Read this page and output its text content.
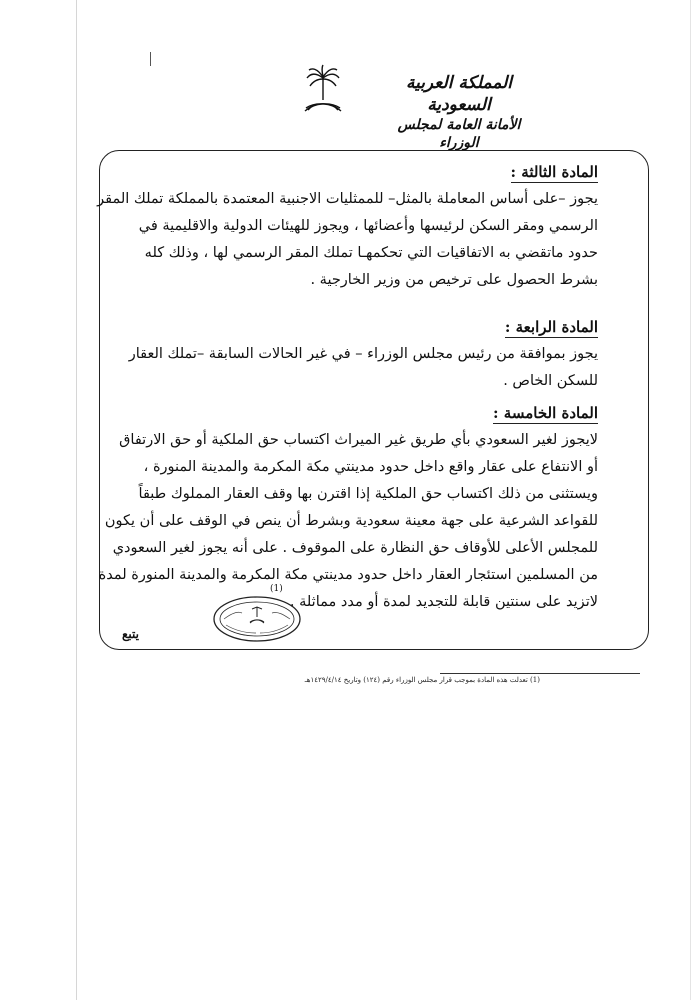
المملكة العربية السعودية
الأمانة العامة لمجلس الوزراء
المادة الثالثة :
يجوز –على أساس المعاملة بالمثل– للممثليات الاجنبية المعتمدة بالمملكة تملك المقر
الرسمي ومقر السكن لرئيسها وأعضائها ، ويجوز للهيئات الدولية والاقليمية في
حدود ماتقضي به الاتفاقيات التي تحكمهـا تملك المقر الرسمي لها ، وذلك كله
بشرط الحصول على ترخيص من وزير الخارجية .
المادة الرابعة :
يجوز بموافقة من رئيس مجلس الوزراء – في غير الحالات السابقة –تملك العقار
للسكن الخاص .
المادة الخامسة :
لايجوز لغير السعودي بأي طريق غير الميراث اكتساب حق الملكية أو حق الارتفاق
أو الانتفاع على عقار واقع داخل حدود مدينتي مكة المكرمة والمدينة المنورة ،
ويستثنى من ذلك اكتساب حق الملكية إذا اقترن بها وقف العقار المملوك طبقاً
للقواعد الشرعية على جهة معينة سعودية وبشرط أن ينص في الوقف على أن يكون
للمجلس الأعلى للأوقاف حق النظارة على الموقوف . على أنه يجوز لغير السعودي
من المسلمين استئجار العقار داخل حدود مدينتي مكة المكرمة والمدينة المنورة لمدة
لاتزيد على سنتين قابلة للتجديد لمدة أو مدد مماثلة .
(1)
يتبع
(1) تعدلت هذه المادة بموجب قرار مجلس الوزراء رقم (١٢٤) وتاريخ ١٤٢٩/٤/١٤هـ
